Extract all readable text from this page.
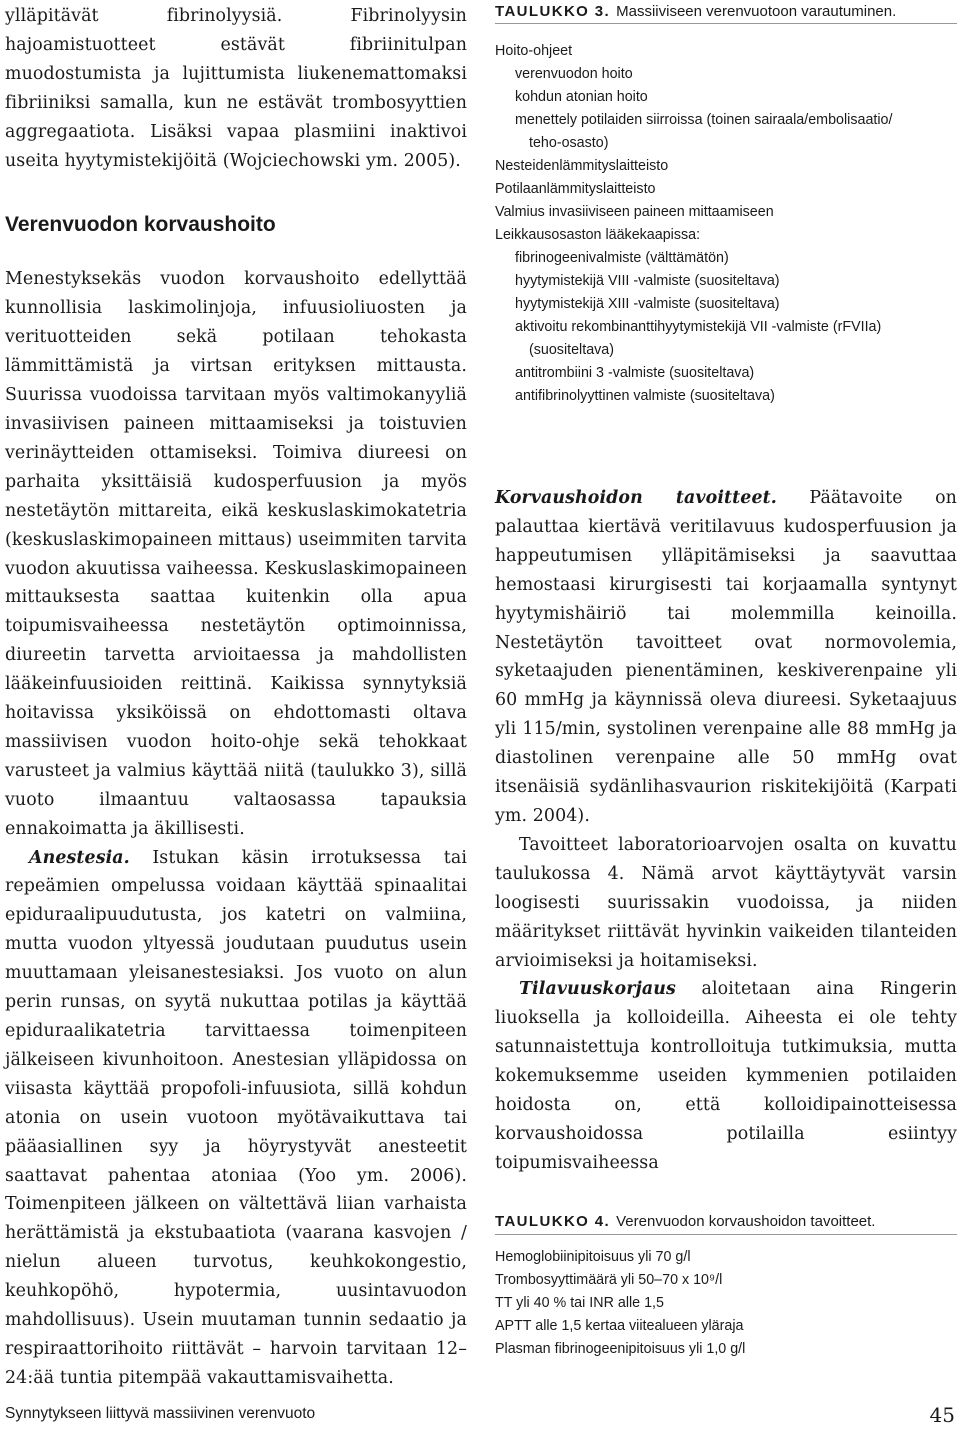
ylläpitävät fibrinolyysiä. Fibrinolyysin hajoamistuotteet estävät fibriinitulpan muodostumista ja lujittumista liukenemattomaksi fibriiniksi samalla, kun ne estävät trombosyyttien aggregaatiota. Lisäksi vapaa plasmiini inaktivoi useita hyytymistekijöitä (Wojciechowski ym. 2005).

Verenvuodon korvaushoito

Menestyksekäs vuodon korvaushoito edellyttää kunnollisia laskimolinjoja, infuusioliuosten ja verituotteiden sekä potilaan tehokasta lämmittämistä ja virtsan erityksen mittausta. Suurissa vuodoissa tarvitaan myös valtimokanyyliä invasiivisen paineen mittaamiseksi ja toistuvien verinäytteiden ottamiseksi. Toimiva diureesi on parhaita yksittäisiä kudosperfuusion ja myös nestetäytön mittareita, eikä keskuslaskimokatetria (keskuslaskimopaineen mittaus) useimmiten tarvita vuodon akuutissa vaiheessa. Keskuslaskimopaineen mittauksesta saattaa kuitenkin olla apua toipumisvaiheessa nestetäytön optimoinnissa, diureetin tarvetta arvioitaessa ja mahdollisten lääkeinfuusioiden reittinä. Kaikissa synnytyksiä hoitavissa yksiköissä on ehdottomasti oltava massiivisen vuodon hoito-ohje sekä tehokkaat varusteet ja valmius käyttää niitä (taulukko 3), sillä vuoto ilmaantuu valtaosassa tapauksia ennakoimatta ja äkillisesti.

Anestesia. Istukan käsin irrotuksessa tai repeämien ompelussa voidaan käyttää spinaalitai epiduraalipuudutusta, jos katetri on valmiina, mutta vuodon yltyessä joudutaan puudutus usein muuttamaan yleisanestesiaksi. Jos vuoto on alun perin runsas, on syytä nukuttaa potilas ja käyttää epiduraalikatetria tarvittaessa toimenpiteen jälkeiseen kivunhoitoon. Anestesian ylläpidossa on viisasta käyttää propofoli-infuusiota, sillä kohdun atonia on usein vuotoon myötävaikuttava tai pääasiallinen syy ja höyrystyvät anesteetit saattavat pahentaa atoniaa (Yoo ym. 2006). Toimenpiteen jälkeen on vältettävä liian varhaista herättämistä ja ekstubaatiota (vaarana kasvojen / nielun alueen turvotus, keuhkokongestio, keuhkopöhö, hypotermia, uusintavuodon mahdollisuus). Usein muutaman tunnin sedaatio ja respiraattorihoito riittävät – harvoin tarvitaan 12–24:ää tuntia pitempää vakauttamisvaihetta.

TAULUKKO 3. Massiiviseen verenvuotoon varautuminen.

Hoito-ohjeet
verenvuodon hoito
kohdun atonian hoito
menettely potilaiden siirroissa (toinen sairaala/embolisaatio/
teho-osasto)
Nesteidenlämmityslaitteisto
Potilaanlämmityslaitteisto
Valmius invasiiviseen paineen mittaamiseen
Leikkausosaston lääkekaapissa:
fibrinogeenivalmiste (välttämätön)
hyytymistekijä VIII -valmiste (suositeltava)
hyytymistekijä XIII -valmiste (suositeltava)
aktivoitu rekombinanttihyytymistekijä VII -valmiste (rFVIIa)
(suositeltava)
antitrombiini 3 -valmiste (suositeltava)
antifibrinolyyttinen valmiste (suositeltava)

Korvaushoidon tavoitteet. Päätavoite on palauttaa kiertävä veritilavuus kudosperfuusion ja happeutumisen ylläpitämiseksi ja saavuttaa hemostaasi kirurgisesti tai korjaamalla syntynyt hyytymishäiriö tai molemmilla keinoilla. Nestetäytön tavoitteet ovat normovolemia, syketaajuden pienentäminen, keskiverenpaine yli 60 mmHg ja käynnissä oleva diureesi. Syketaajuus yli 115/min, systolinen verenpaine alle 88 mmHg ja diastolinen verenpaine alle 50 mmHg ovat itsenäisiä sydänlihasvaurion riskitekijöitä (Karpati ym. 2004).

Tavoitteet laboratorioarvojen osalta on kuvattu taulukossa 4. Nämä arvot käyttäytyvät varsin loogisesti suurissakin vuodoissa, ja niiden määritykset riittävät hyvinkin vaikeiden tilanteiden arvioimiseksi ja hoitamiseksi.

Tilavuuskorjaus aloitetaan aina Ringerin liuoksella ja kolloideilla. Aiheesta ei ole tehty satunnaistettuja kontrolloituja tutkimuksia, mutta kokemuksemme useiden kymmenien potilaiden hoidosta on, että kolloidipainotteisessa korvaushoidossa potilailla esiintyy toipumisvaiheessa

TAULUKKO 4. Verenvuodon korvaushoidon tavoitteet.

Hemoglobiinipitoisuus yli 70 g/l
Trombosyyttimäärä yli 50–70 x 10⁹/l
TT yli 40 % tai INR alle 1,5
APTT alle 1,5 kertaa viitealueen yläraja
Plasman fibrinogeenipitoisuus yli 1,0 g/l
Synnytykseen liittyvä massiivinen verenvuoto	45
